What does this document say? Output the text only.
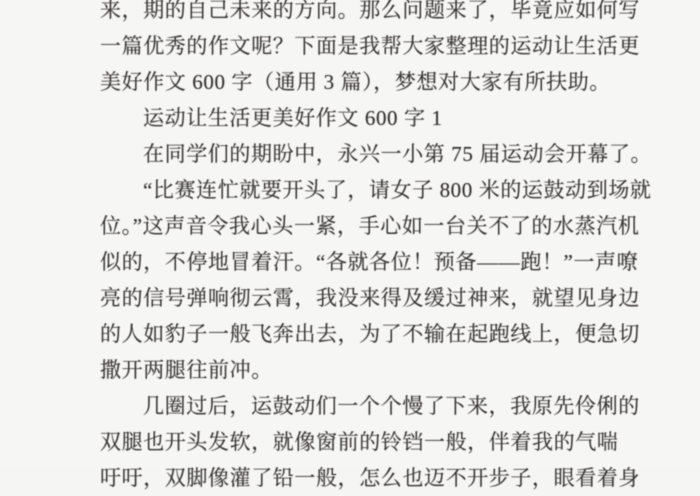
来，期的自己未来的方向。那么问题来了，毕竟应如何写
一篇优秀的作文呢？下面是我帮大家整理的运动让生活更
美好作文 600 字（通用 3 篇），梦想对大家有所扶助。
运动让生活更美好作文 600 字 1
在同学们的期盼中，永兴一小第 75 届运动会开幕了。
“比赛连忙就要开头了，请女子 800 米的运鼓动到场就
位。”这声音令我心头一紧，手心如一台关不了的水蒸汽机
似的，不停地冒着汗。“各就各位！预备——跑！”一声嘹
亮的信号弹响彻云霄，我没来得及缓过神来，就望见身边
的人如豹子一般飞奔出去，为了不输在起跑线上，便急切
撒开两腿往前冲。
几圈过后，运鼓动们一个个慢了下来，我原先伶俐的
双腿也开头发软，就像窗前的铃铛一般，伴着我的气喘
吁吁，双脚像灌了铅一般，怎么也迈不开步子，眼看着身
